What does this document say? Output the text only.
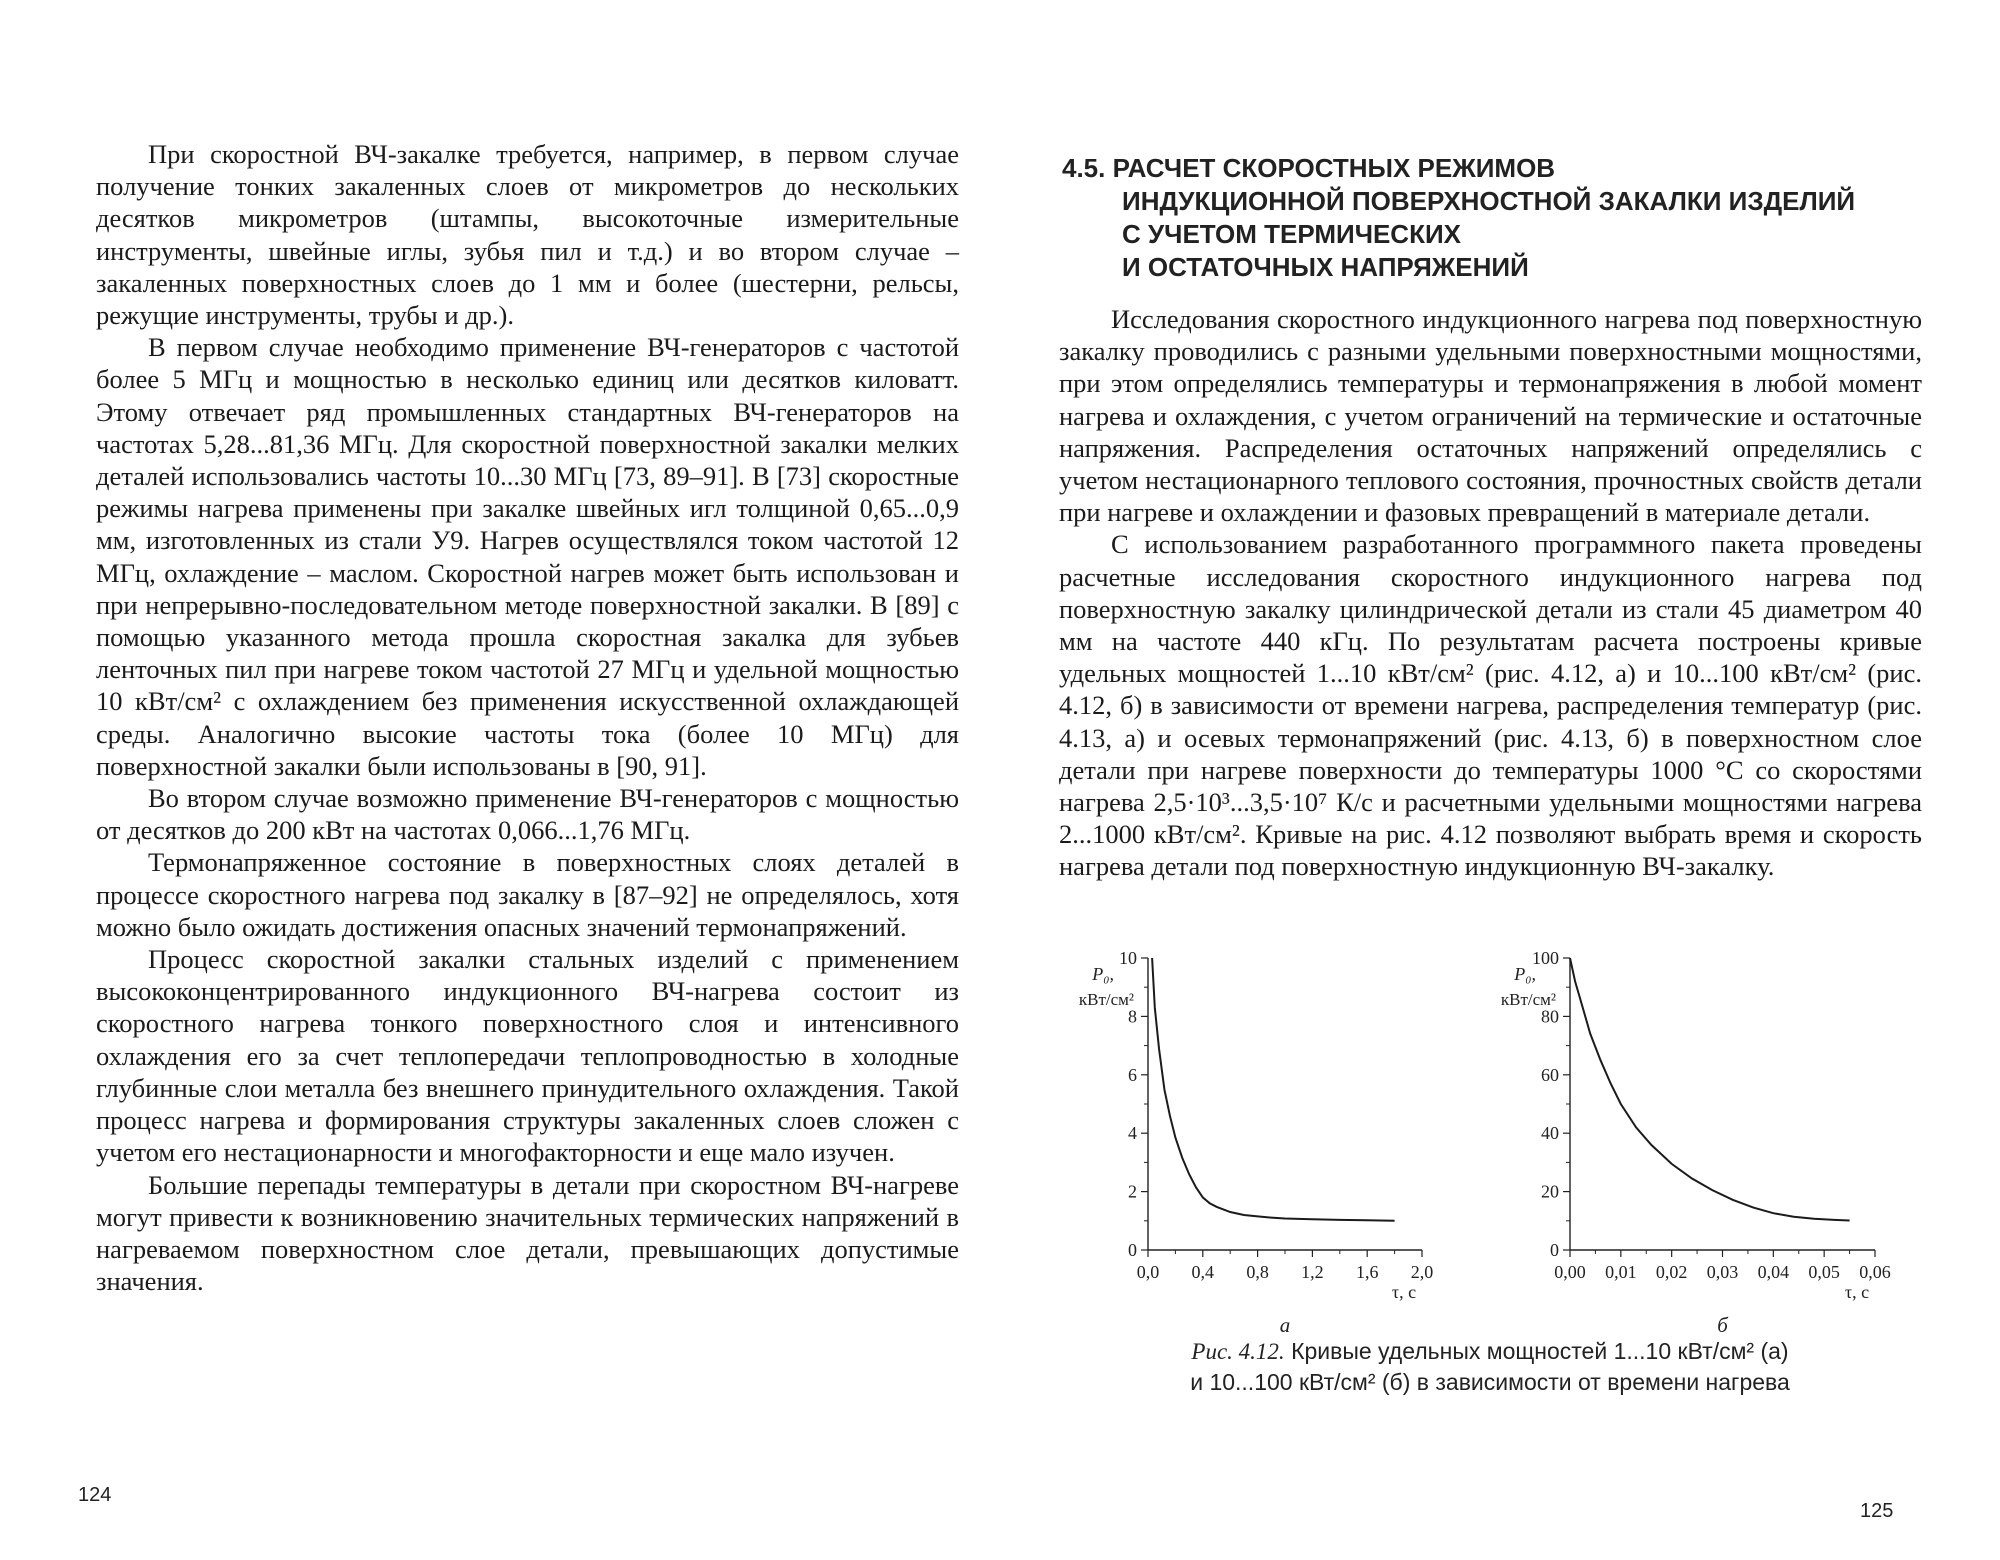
При скоростной ВЧ-закалке требуется, например, в первом случае получение тонких закаленных слоев от микрометров до нескольких десятков микрометров (штампы, высокоточные измерительные инструменты, швейные иглы, зубья пил и т.д.) и во втором случае – закаленных поверхностных слоев до 1 мм и более (шестерни, рельсы, режущие инструменты, трубы и др.).

В первом случае необходимо применение ВЧ-генераторов с частотой более 5 МГц и мощностью в несколько единиц или десятков киловатт. Этому отвечает ряд промышленных стандартных ВЧ-генераторов на частотах 5,28...81,36 МГц. Для скоростной поверхностной закалки мелких деталей использовались частоты 10...30 МГц [73, 89–91]. В [73] скоростные режимы нагрева применены при закалке швейных игл толщиной 0,65...0,9 мм, изготовленных из стали У9. Нагрев осуществлялся током частотой 12 МГц, охлаждение – маслом. Скоростной нагрев может быть использован и при непрерывно-последовательном методе поверхностной закалки. В [89] с помощью указанного метода прошла скоростная закалка для зубьев ленточных пил при нагреве током частотой 27 МГц и удельной мощностью 10 кВт/см² с охлаждением без применения искусственной охлаждающей среды. Аналогично высокие частоты тока (более 10 МГц) для поверхностной закалки были использованы в [90, 91].

Во втором случае возможно применение ВЧ-генераторов с мощностью от десятков до 200 кВт на частотах 0,066...1,76 МГц.

Термонапряженное состояние в поверхностных слоях деталей в процессе скоростного нагрева под закалку в [87–92] не определялось, хотя можно было ожидать достижения опасных значений термонапряжений.

Процесс скоростной закалки стальных изделий с применением высококонцентрированного индукционного ВЧ-нагрева состоит из скоростного нагрева тонкого поверхностного слоя и интенсивного охлаждения его за счет теплопередачи теплопроводностью в холодные глубинные слои металла без внешнего принудительного охлаждения. Такой процесс нагрева и формирования структуры закаленных слоев сложен с учетом его нестационарности и многофакторности и еще мало изучен.

Большие перепады температуры в детали при скоростном ВЧ-нагреве могут привести к возникновению значительных термических напряжений в нагреваемом поверхностном слое детали, превышающих допустимые значения.

124
4.5. РАСЧЕТ СКОРОСТНЫХ РЕЖИМОВ
ИНДУКЦИОННОЙ ПОВЕРХНОСТНОЙ ЗАКАЛКИ ИЗДЕЛИЙ
С УЧЕТОМ ТЕРМИЧЕСКИХ
И ОСТАТОЧНЫХ НАПРЯЖЕНИЙ

Исследования скоростного индукционного нагрева под поверхностную закалку проводились с разными удельными поверхностными мощностями, при этом определялись температуры и термонапряжения в любой момент нагрева и охлаждения, с учетом ограничений на термические и остаточные напряжения. Распределения остаточных напряжений определялись с учетом нестационарного теплового состояния, прочностных свойств детали при нагреве и охлаждении и фазовых превращений в материале детали.

С использованием разработанного программного пакета проведены расчетные исследования скоростного индукционного нагрева под поверхностную закалку цилиндрической детали из стали 45 диаметром 40 мм на частоте 440 кГц. По результатам расчета построены кривые удельных мощностей 1...10 кВт/см² (рис. 4.12, а) и 10...100 кВт/см² (рис. 4.12, б) в зависимости от времени нагрева, распределения температур (рис. 4.13, а) и осевых термонапряжений (рис. 4.13, б) в поверхностном слое детали при нагреве поверхности до температуры 1000 °С со скоростями нагрева 2,5·10³...3,5·10⁷ К/с и расчетными удельными мощностями нагрева 2...1000 кВт/см². Кривые на рис. 4.12 позволяют выбрать время и скорость нагрева детали под поверхностную индукционную ВЧ-закалку.

0
2
4
6
8
10
0,0 0,4 0,8 1,2 1,6 2,0
P₀,
кВт/см²
τ, с
а
0
20
40
60
80
100
0,00 0,01 0,02 0,03 0,04 0,05 0,06
P₀,
кВт/см²
τ, с
б
Рис. 4.12. Кривые удельных мощностей 1...10 кВт/см² (а)
и 10...100 кВт/см² (б) в зависимости от времени нагрева
125
